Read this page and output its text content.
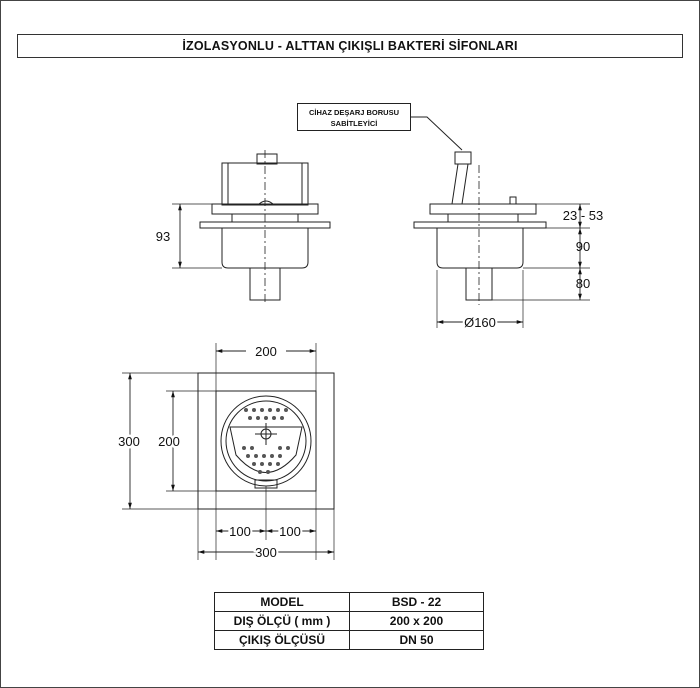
İZOLASYONLU - ALTTAN ÇIKIŞLI BAKTERİ SİFONLARI
CİHAZ DEŞARJ BORUSU
SABİTLEYİCİ
93
23 - 53
90
80
Ø160
200
300 200
100 100
300
MODEL	BSD - 22
DIŞ ÖLÇÜ ( mm )	200 x 200
ÇIKIŞ ÖLÇÜSÜ	DN 50
